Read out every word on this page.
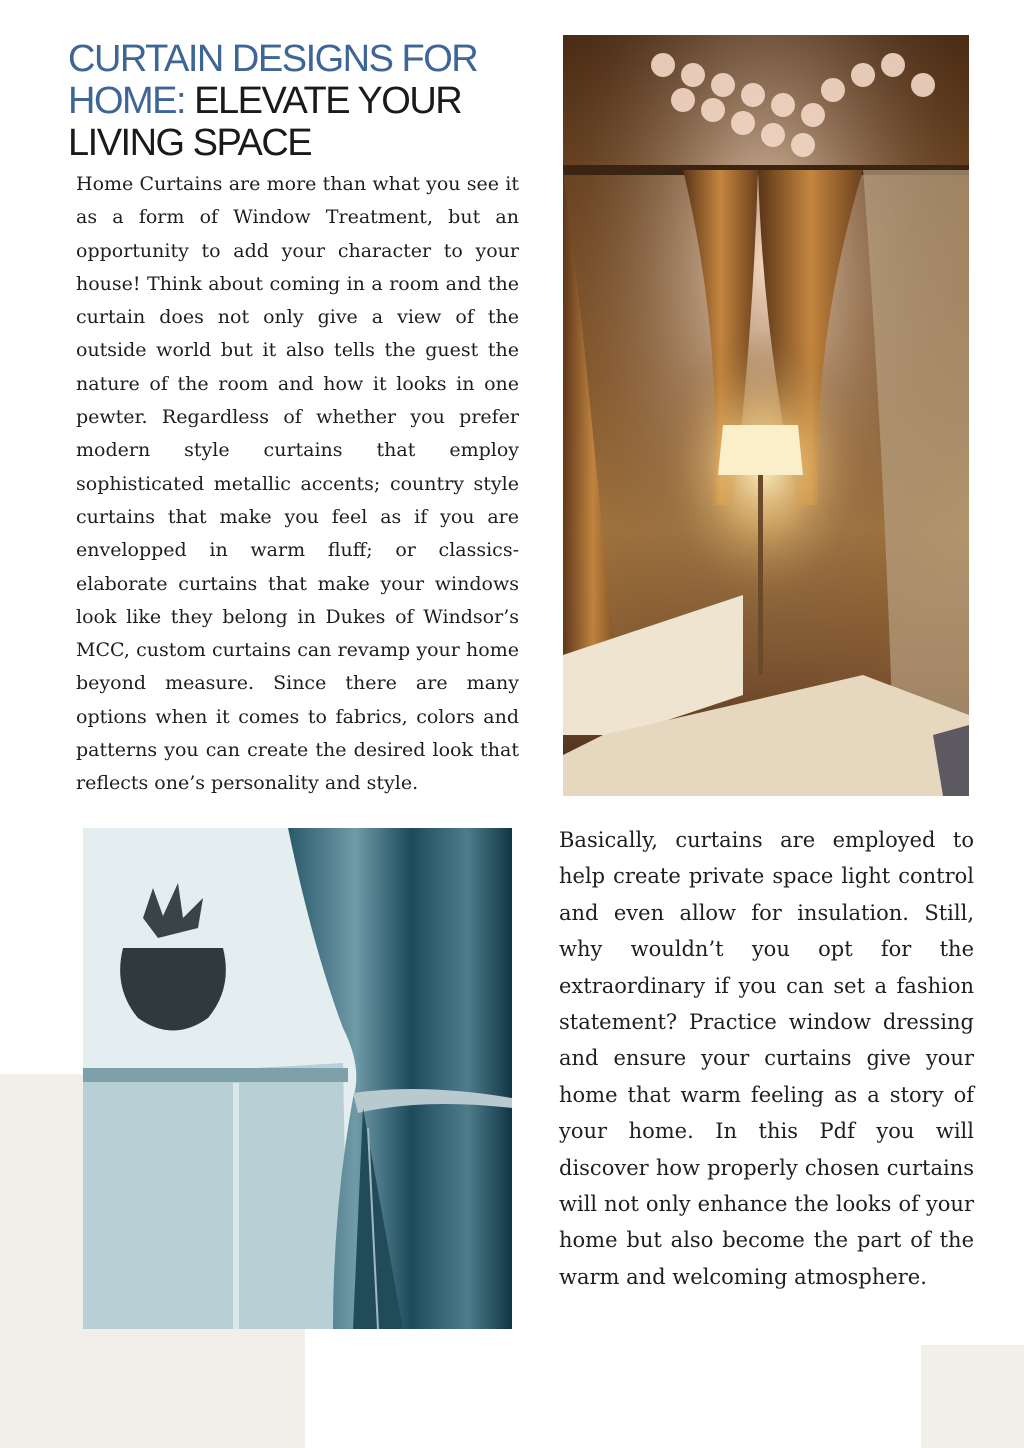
CURTAIN DESIGNS FOR HOME: ELEVATE YOUR LIVING SPACE

Home Curtains are more than what you see it as a form of Window Treatment, but an opportunity to add your character to your house! Think about coming in a room and the curtain does not only give a view of the outside world but it also tells the guest the nature of the room and how it looks in one pewter. Regardless of whether you prefer modern style curtains that employ sophisticated metallic accents; country style curtains that make you feel as if you are envelopped in warm fluff; or classics-elaborate curtains that make your windows look like they belong in Dukes of Windsor’s MCC, custom curtains can revamp your home beyond measure. Since there are many options when it comes to fabrics, colors and patterns you can create the desired look that reflects one’s personality and style.

Basically, curtains are employed to help create private space light control and even allow for insulation. Still, why wouldn’t you opt for the extraordinary if you can set a fashion statement? Practice window dressing and ensure your curtains give your home that warm feeling as a story of your home. In this Pdf you will discover how properly chosen curtains will not only enhance the looks of your home but also become the part of the warm and welcoming atmosphere.
